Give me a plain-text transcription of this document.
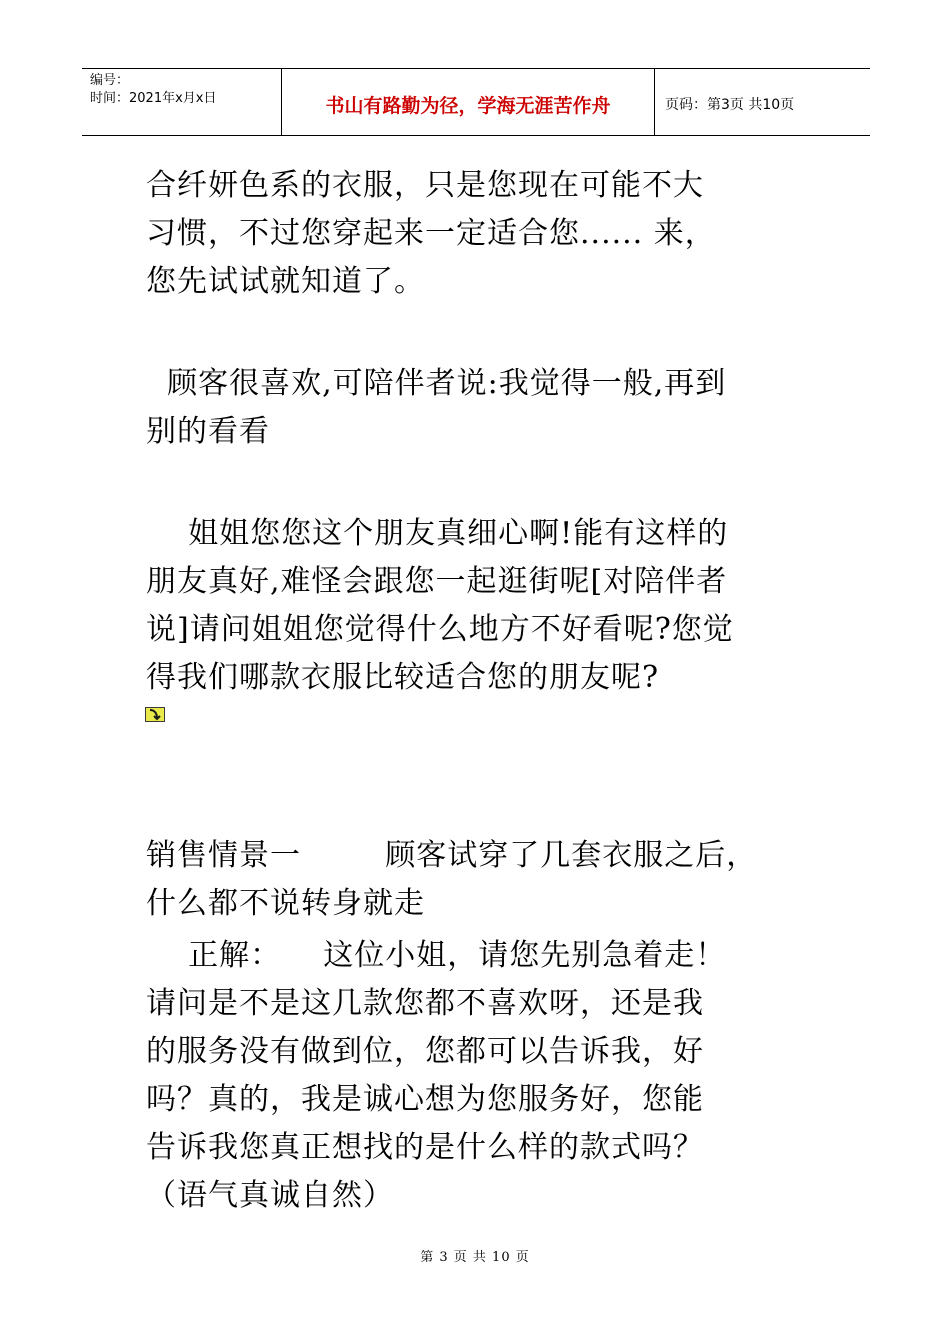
编号：
时间：2021年x月x日	书山有路勤为径，学海无涯苦作舟	页码：第3页 共10页

合纤妍色系的衣服，只是您现在可能不大
习惯，不过您穿起来一定适合您...... 来，
您先试试就知道了。

顾客很喜欢,可陪伴者说:我觉得一般,再到
别的看看

姐姐您您这个朋友真细心啊!能有这样的
朋友真好,难怪会跟您一起逛街呢[对陪伴者
说]请问姐姐您觉得什么地方不好看呢?您觉
得我们哪款衣服比较适合您的朋友呢?

销售情景一        顾客试穿了几套衣服之后，
什么都不说转身就走

正解：    这位小姐，请您先别急着走！
请问是不是这几款您都不喜欢呀，还是我
的服务没有做到位，您都可以告诉我，好
吗？真的，我是诚心想为您服务好，您能
告诉我您真正想找的是什么样的款式吗？
（语气真诚自然）

第 3 页 共 10 页
